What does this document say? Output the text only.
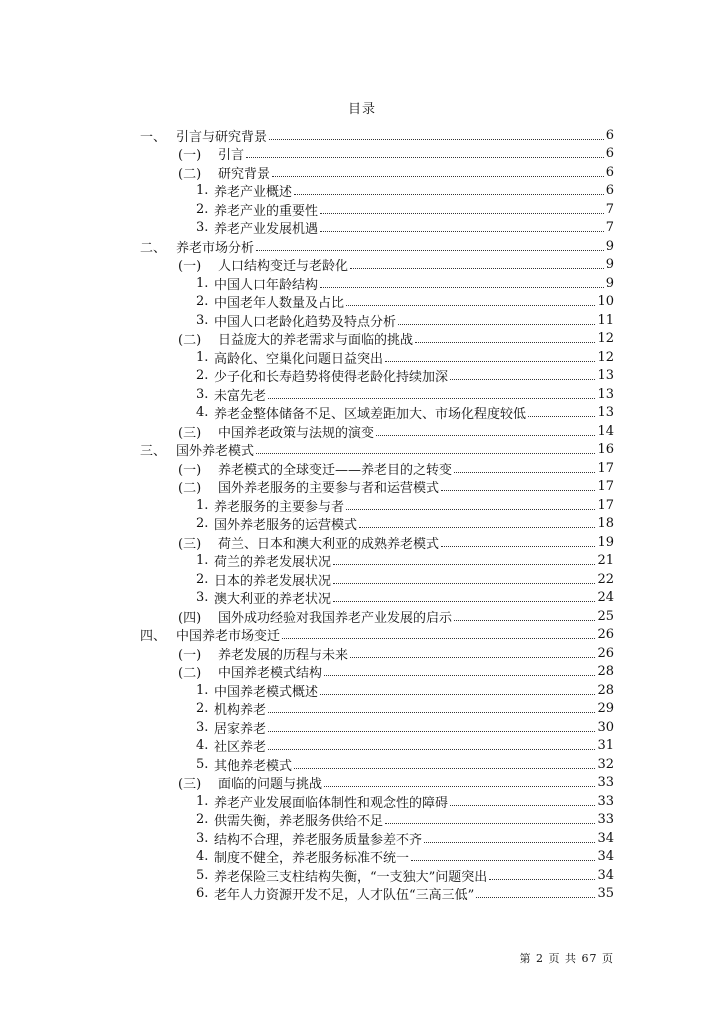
目录
一、 引言与研究背景	6
(一)	引言	6
(二)	研究背景	6
1. 养老产业概述	6
2. 养老产业的重要性	7
3. 养老产业发展机遇	7
二、 养老市场分析	9
(一)	人口结构变迁与老龄化	9
1. 中国人口年龄结构	9
2. 中国老年人数量及占比	10
3. 中国人口老龄化趋势及特点分析	11
(二)	日益庞大的养老需求与面临的挑战	12
1. 高龄化、空巢化问题日益突出	12
2. 少子化和长寿趋势将使得老龄化持续加深	13
3. 未富先老	13
4. 养老金整体储备不足、区域差距加大、市场化程度较低	13
(三)	中国养老政策与法规的演变	14
三、 国外养老模式	16
(一)	养老模式的全球变迁——养老目的之转变	17
(二)	国外养老服务的主要参与者和运营模式	17
1. 养老服务的主要参与者	17
2. 国外养老服务的运营模式	18
(三)	荷兰、日本和澳大利亚的成熟养老模式	19
1. 荷兰的养老发展状况	21
2. 日本的养老发展状况	22
3. 澳大利亚的养老状况	24
(四)	国外成功经验对我国养老产业发展的启示	25
四、 中国养老市场变迁	26
(一)	养老发展的历程与未来	26
(二)	中国养老模式结构	28
1. 中国养老模式概述	28
2. 机构养老	29
3. 居家养老	30
4. 社区养老	31
5. 其他养老模式	32
(三)	面临的问题与挑战	33
1. 养老产业发展面临体制性和观念性的障碍	33
2. 供需失衡，养老服务供给不足	33
3. 结构不合理，养老服务质量参差不齐	34
4. 制度不健全，养老服务标准不统一	34
5. 养老保险三支柱结构失衡，“一支独大”问题突出	34
6. 老年人力资源开发不足，人才队伍“三高三低”	35
第 2 页 共 67 页
